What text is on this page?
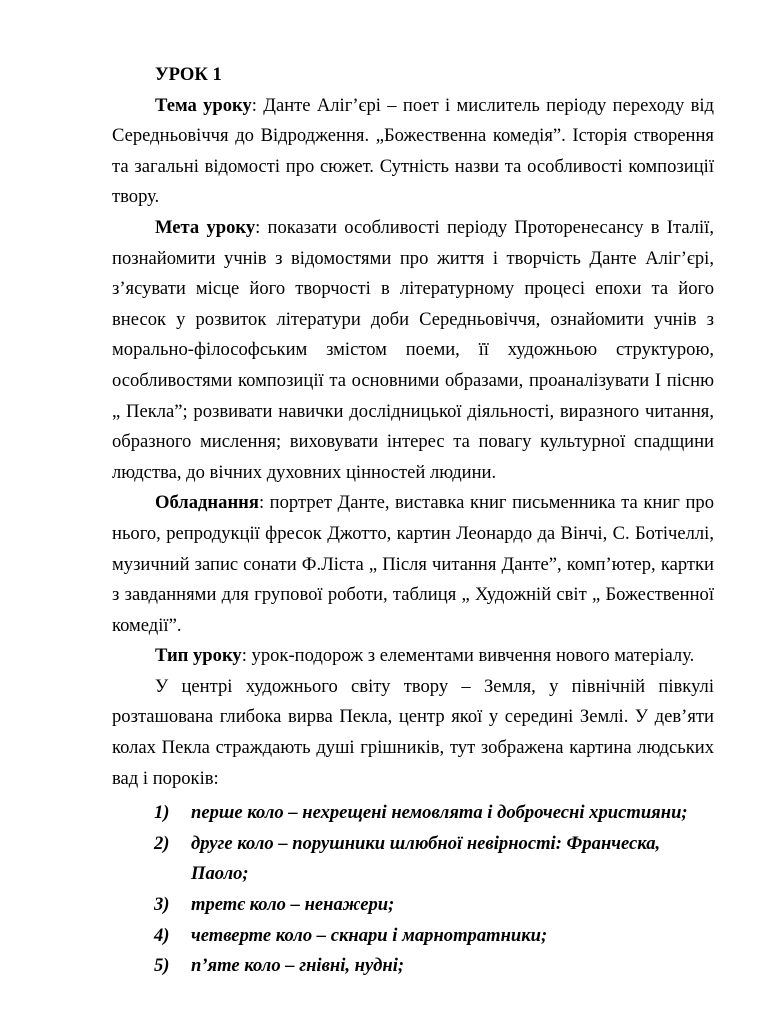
УРОК 1

Тема уроку: Данте Аліг’єрі – поет і мислитель періоду переходу від Середньовіччя до Відродження. „Божественна комедія”. Історія створення та загальні відомості про сюжет. Сутність назви та особливості композиції твору.

Мета уроку: показати особливості періоду Проторенесансу в Італії, познайомити учнів з відомостями про життя і творчість Данте Аліг’єрі, з’ясувати місце його творчості в літературному процесі епохи та його внесок у розвиток літератури доби Середньовіччя, ознайомити учнів з морально-філософським змістом поеми, її художньою структурою, особливостями композиції та основними образами, проаналізувати І пісню „ Пекла”; розвивати навички дослідницької діяльності, виразного читання, образного мислення; виховувати інтерес та повагу культурної спадщини людства, до вічних духовних цінностей людини.

Обладнання: портрет Данте, виставка книг письменника та книг про нього, репродукції фресок Джотто, картин Леонардо да Вінчі, С. Ботічеллі, музичний запис сонати Ф.Ліста „ Після читання Данте”, комп’ютер, картки з завданнями для групової роботи, таблиця „ Художній світ „ Божественної комедії”.

Тип уроку: урок-подорож з елементами вивчення нового матеріалу.

У центрі художнього світу твору – Земля, у північній півкулі розташована глибока вирва Пекла, центр якої у середині Землі. У дев’яти колах Пекла страждають душі грішників, тут зображена картина людських вад і пороків:

1) перше коло – нехрещені немовлята і доброчесні християни;
2) друге коло – порушники шлюбної невірності: Франческа, Паоло;
3) третє коло – ненажери;
4) четверте коло – скнари і марнотратники;
5) п’яте коло – гнівні, нудні;
